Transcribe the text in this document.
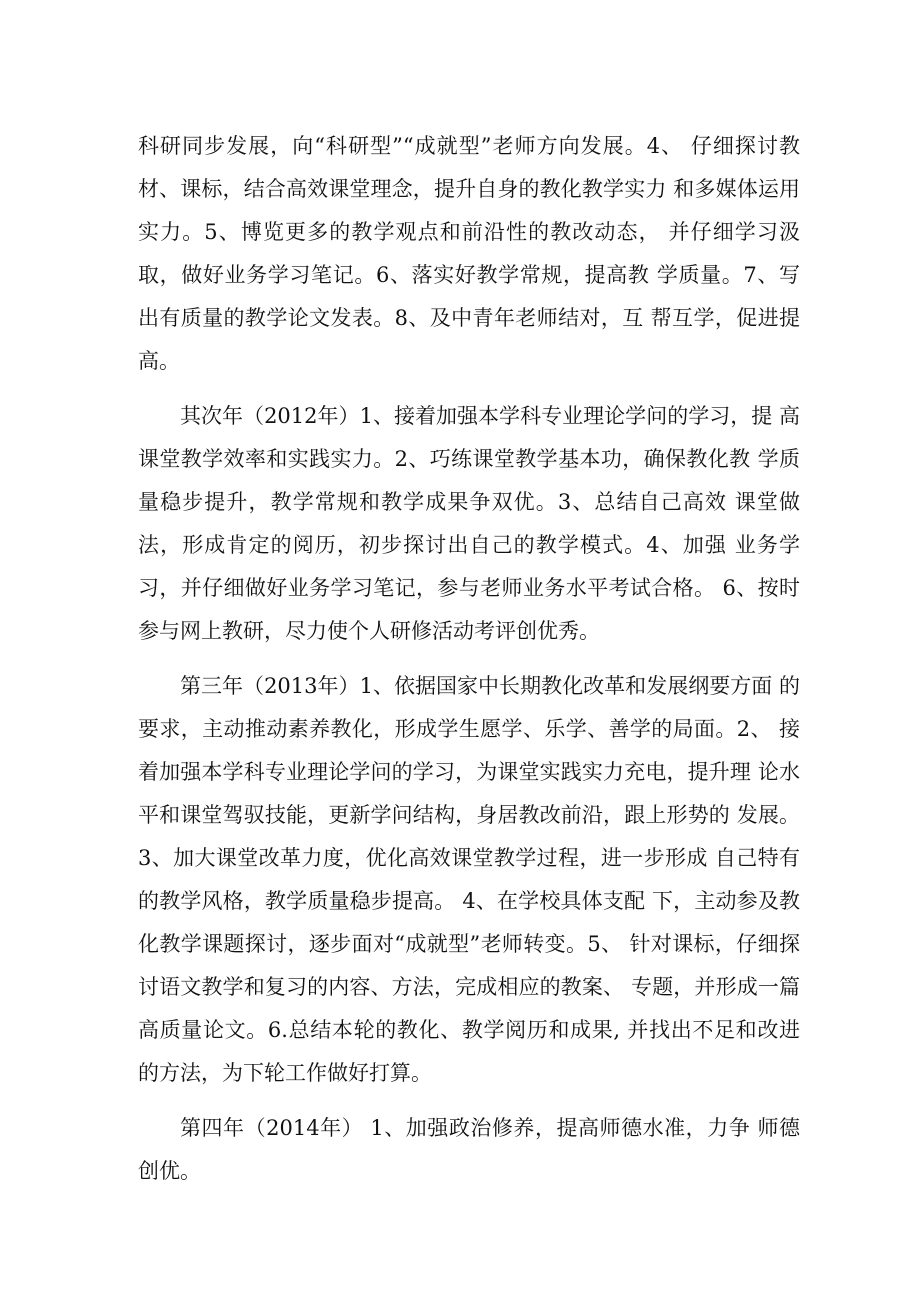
科研同步发展，向“科研型”“成就型”老师方向发展。4、 仔细探讨教材、课标，结合高效课堂理念，提升自身的教化教学实力 和多媒体运用实力。5、博览更多的教学观点和前沿性的教改动态， 并仔细学习汲取，做好业务学习笔记。6、落实好教学常规，提高教 学质量。7、写出有质量的教学论文发表。8、及中青年老师结对，互 帮互学，促进提高。

其次年（2012年）1、接着加强本学科专业理论学问的学习，提 高课堂教学效率和实践实力。2、巧练课堂教学基本功，确保教化教 学质量稳步提升，教学常规和教学成果争双优。3、总结自己高效 课堂做法，形成肯定的阅历，初步探讨出自己的教学模式。4、加强 业务学习，并仔细做好业务学习笔记，参与老师业务水平考试合格。 6、按时参与网上教研，尽力使个人研修活动考评创优秀。

第三年（2013年）1、依据国家中长期教化改革和发展纲要方面 的要求，主动推动素养教化，形成学生愿学、乐学、善学的局面。2、 接着加强本学科专业理论学问的学习，为课堂实践实力充电，提升理 论水平和课堂驾驭技能，更新学问结构，身居教改前沿，跟上形势的 发展。3、加大课堂改革力度，优化高效课堂教学过程，进一步形成 自己特有的教学风格，教学质量稳步提高。 4、在学校具体支配 下，主动参及教化教学课题探讨，逐步面对“成就型”老师转变。5、 针对课标，仔细探讨语文教学和复习的内容、方法，完成相应的教案、 专题，并形成一篇高质量论文。6.总结本轮的教化、教学阅历和成果, 并找出不足和改进的方法，为下轮工作做好打算。

第四年（2014年） 1、加强政治修养，提高师德水准，力争 师德创优。
